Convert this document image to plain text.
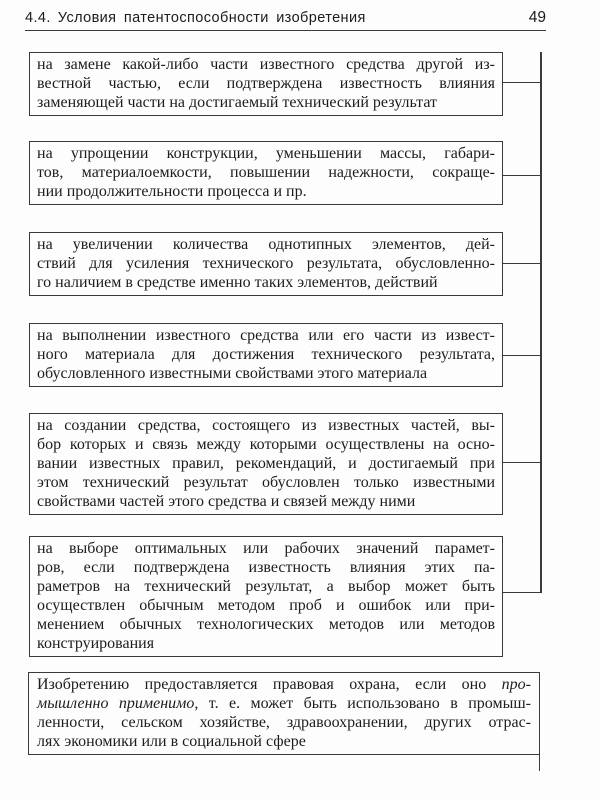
4.4. Условия патентоспособности изобретения	49
на замене какой-либо части известного средства другой из-
вестной частью, если подтверждена известность влияния
заменяющей части на достигаемый технический результат
на упрощении конструкции, уменьшении массы, габари-
тов, материалоемкости, повышении надежности, сокраще-
нии продолжительности процесса и пр.
на увеличении количества однотипных элементов, дей-
ствий для усиления технического результата, обусловленно-
го наличием в средстве именно таких элементов, действий
на выполнении известного средства или его части из извест-
ного материала для достижения технического результата,
обусловленного известными свойствами этого материала
на создании средства, состоящего из известных частей, вы-
бор которых и связь между которыми осуществлены на осно-
вании известных правил, рекомендаций, и достигаемый при
этом технический результат обусловлен только известными
свойствами частей этого средства и связей между ними
на выборе оптимальных или рабочих значений парамет-
ров, если подтверждена известность влияния этих па-
раметров на технический результат, а выбор может быть
осуществлен обычным методом проб и ошибок или при-
менением обычных технологических методов или методов
конструирования
Изобретению предоставляется правовая охрана, если оно про-
мышленно применимо, т. е. может быть использовано в промыш-
ленности, сельском хозяйстве, здравоохранении, других отрас-
лях экономики или в социальной сфере
